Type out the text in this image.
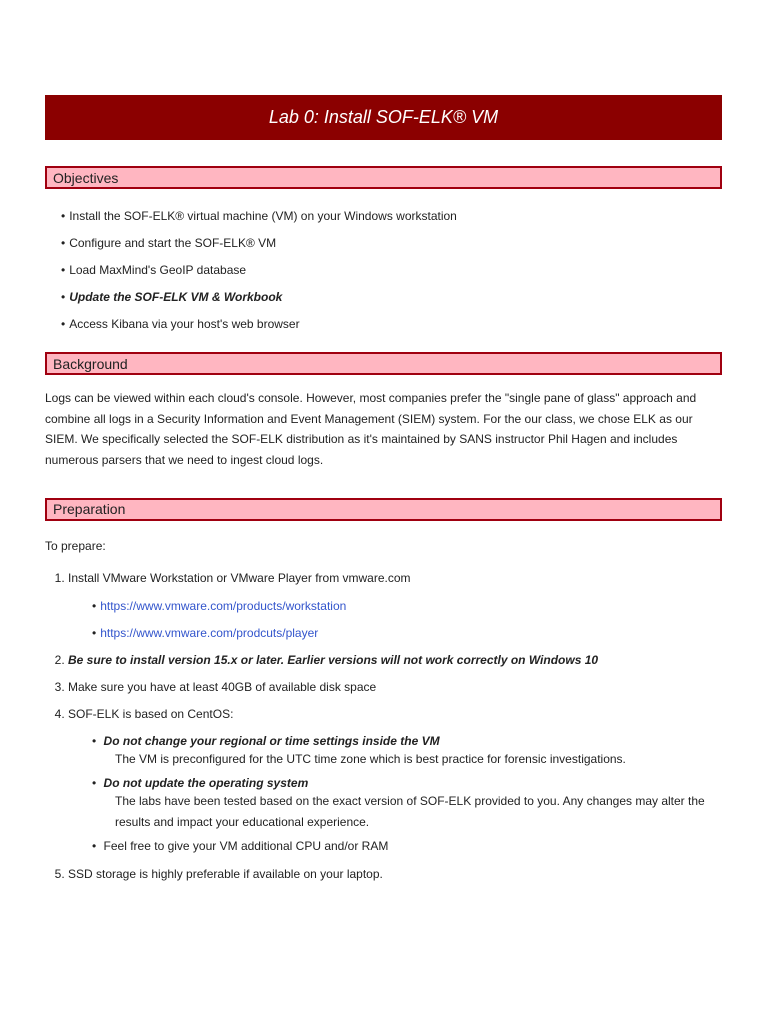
Lab 0: Install SOF-ELK® VM
Objectives
• Install the SOF-ELK® virtual machine (VM) on your Windows workstation
• Configure and start the SOF-ELK® VM
• Load MaxMind's GeoIP database
• Update the SOF-ELK VM & Workbook
• Access Kibana via your host's web browser
Background

Logs can be viewed within each cloud's console. However, most companies prefer the "single pane of glass" approach and combine all logs in a Security Information and Event Management (SIEM) system. For the our class, we chose ELK as our SIEM. We specifically selected the SOF-ELK distribution as it's maintained by SANS instructor Phil Hagen and includes numerous parsers that we need to ingest cloud logs.

Preparation

To prepare:

1. Install VMware Workstation or VMware Player from vmware.com
• https://www.vmware.com/products/workstation
• https://www.vmware.com/prodcuts/player
2. Be sure to install version 15.x or later. Earlier versions will not work correctly on Windows 10
3. Make sure you have at least 40GB of available disk space
4. SOF-ELK is based on CentOS:
• Do not change your regional or time settings inside the VM
The VM is preconfigured for the UTC time zone which is best practice for forensic investigations.
• Do not update the operating system
The labs have been tested based on the exact version of SOF-ELK provided to you. Any changes may alter the results and impact your educational experience.
• Feel free to give your VM additional CPU and/or RAM
5. SSD storage is highly preferable if available on your laptop.
